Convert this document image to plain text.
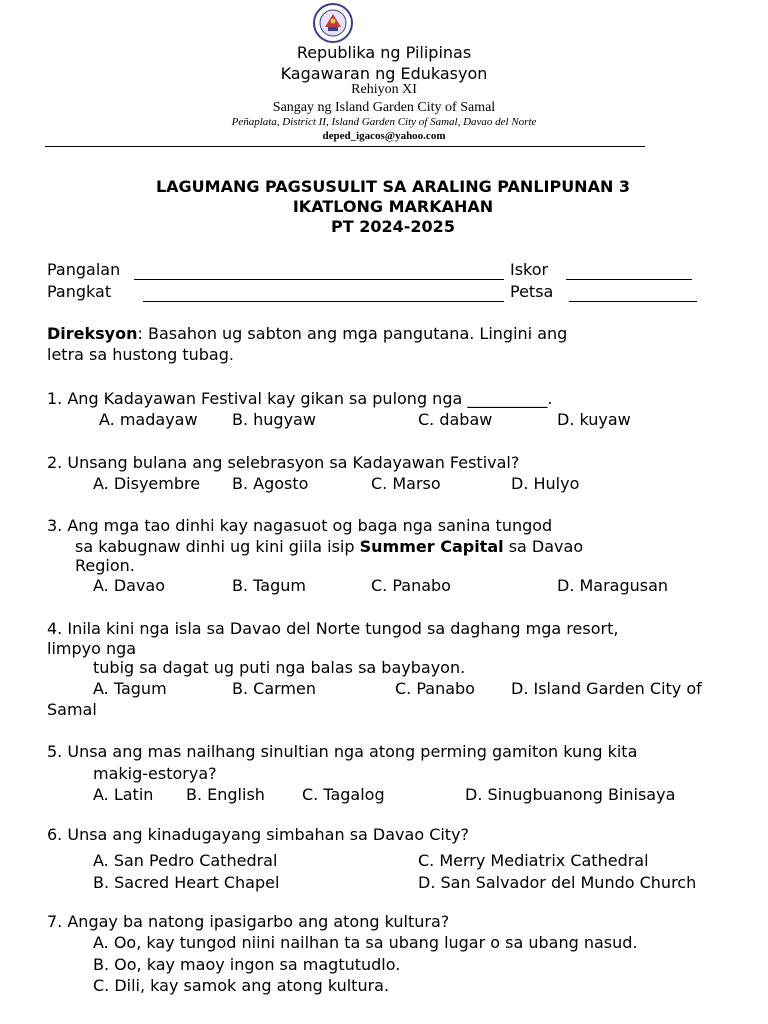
Republika ng Pilipinas
Kagawaran ng Edukasyon
Rehiyon XI
Sangay ng Island Garden City of Samal
Peñaplata, District II, Island Garden City of Samal, Davao del Norte
deped_igacos@yahoo.com
LAGUMANG PAGSUSULIT SA ARALING PANLIPUNAN 3
IKATLONG MARKAHAN
PT 2024-2025
Pangalan	Iskor
Pangkat	Petsa
Direksyon: Basahon ug sabton ang mga pangutana. Lingini ang
letra sa hustong tubag.
1. Ang Kadayawan Festival kay gikan sa pulong nga __________.
A. madayaw B. hugyaw	C. dabaw	D. kuyaw
2. Unsang bulana ang selebrasyon sa Kadayawan Festival?
A. Disyembre B. Agosto	C. Marso	D. Hulyo
3. Ang mga tao dinhi kay nagasuot og baga nga sanina tungod
sa kabugnaw dinhi ug kini giila isip Summer Capital sa Davao
Region.
A. Davao	B. Tagum	C. Panabo	D. Maragusan
4. Inila kini nga isla sa Davao del Norte tungod sa daghang mga resort,
limpyo nga
tubig sa dagat ug puti nga balas sa baybayon.
A. Tagum	B. Carmen	C. Panabo D. Island Garden City of
Samal
5. Unsa ang mas nailhang sinultian nga atong perming gamiton kung kita
makig-estorya?
A. Latin B. English C. Tagalog	D. Sinugbuanong Binisaya
6. Unsa ang kinadugayang simbahan sa Davao City?
A. San Pedro Cathedral	C. Merry Mediatrix Cathedral
B. Sacred Heart Chapel	D. San Salvador del Mundo Church
7. Angay ba natong ipasigarbo ang atong kultura?
A. Oo, kay tungod niini nailhan ta sa ubang lugar o sa ubang nasud.
B. Oo, kay maoy ingon sa magtutudlo.
C. Dili, kay samok ang atong kultura.
